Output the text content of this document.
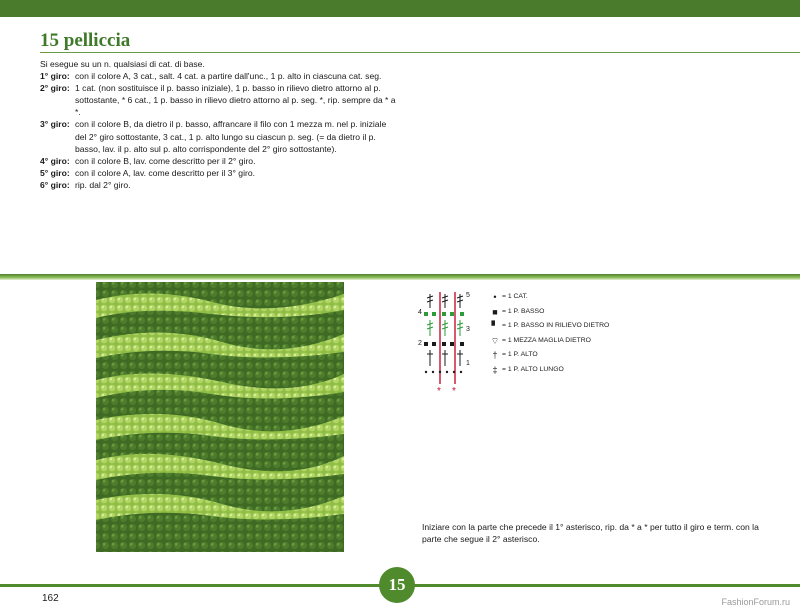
15 pelliccia

Si esegue su un n. qualsiasi di cat. di base.

1° giro: con il colore A, 3 cat., salt. 4 cat. a partire dall'unc., 1 p. alto in ciascuna cat. seg.
2° giro: 1 cat. (non sostituisce il p. basso iniziale), 1 p. basso in rilievo dietro attorno al p. sottostante, * 6 cat., 1 p. basso in rilievo dietro attorno al p. seg. *, rip. sempre da * a *.
3° giro: con il colore B, da dietro il p. basso, affrancare il filo con 1 mezza m. nel p. iniziale del 2° giro sottostante, 3 cat., 1 p. alto lungo su ciascun p. seg. (= da dietro il p. basso, lav. il p. alto sul p. alto corrispondente del 2° giro sottostante).
4° giro: con il colore B, lav. come descritto per il 2° giro.
5° giro: con il colore A, lav. come descritto per il 3° giro.
6° giro: rip. dal 2° giro.
* *
5
4
3
2
1
• = 1 CAT.
■ = 1 P. BASSO
▘ = 1 P. BASSO IN RILIEVO DIETRO
⌔ = 1 MEZZA MAGLIA DIETRO
† = 1 P. ALTO
‡ = 1 P. ALTO LUNGO
Iniziare con la parte che precede il 1° asterisco, rip. da * a * per tutto il giro e term. con la parte che segue il 2° asterisco.
15
162	FashionForum.ru
